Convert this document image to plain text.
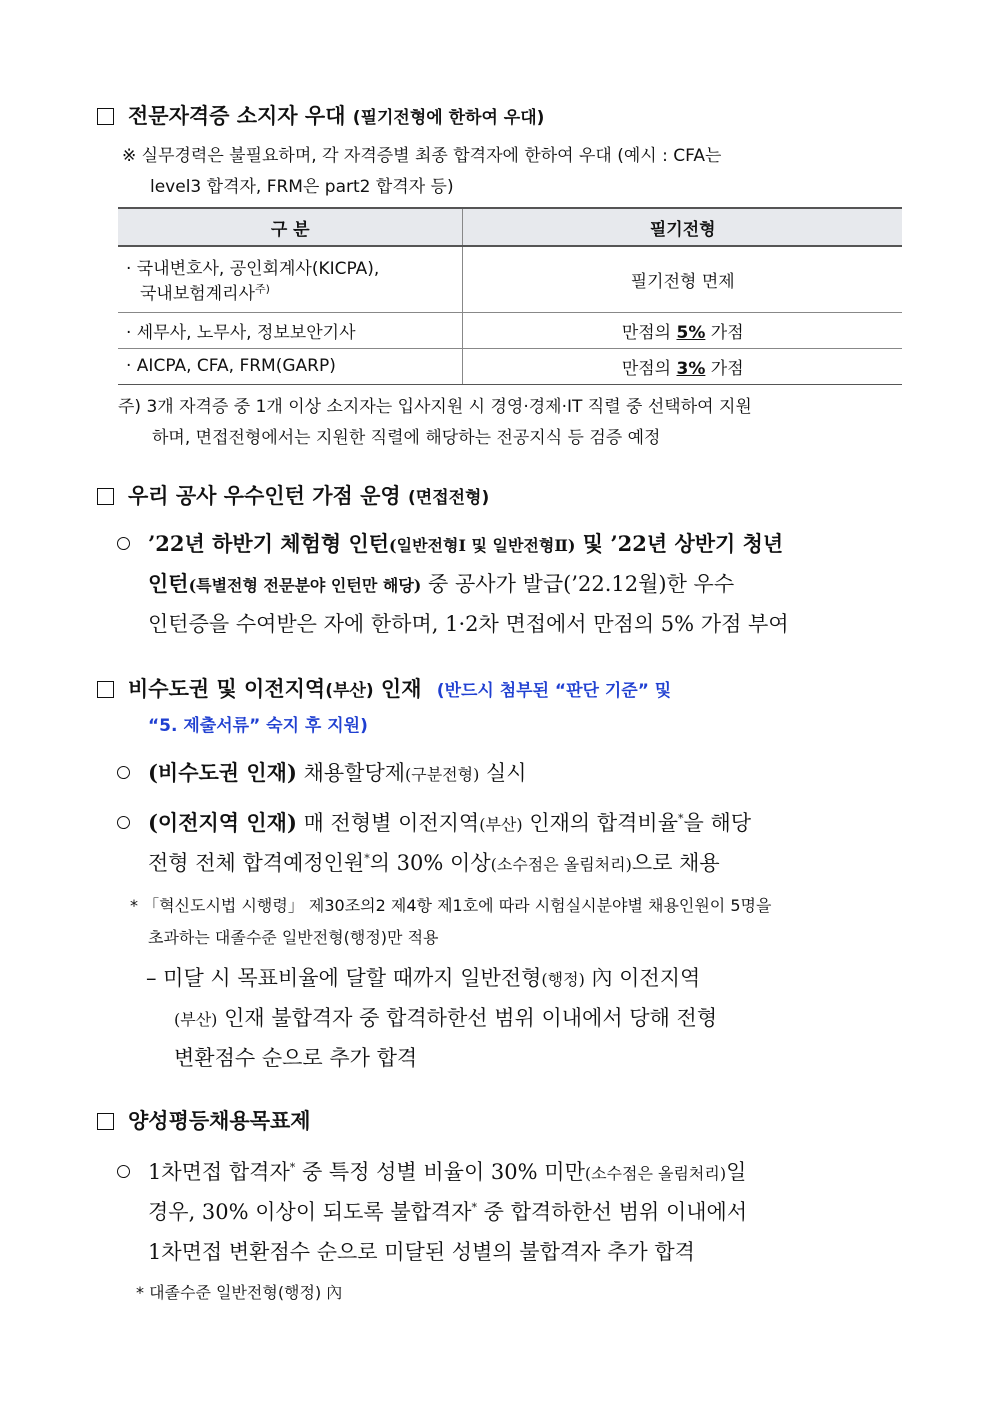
전문자격증 소지자 우대 (필기전형에 한하여 우대)
※ 실무경력은 불필요하며, 각 자격증별 최종 합격자에 한하여 우대 (예시 : CFA는
level3 합격자, FRM은 part2 합격자 등)
구 분	필기전형

· 국내변호사, 공인회계사(KICPA),
국내보험계리사$^{주)}$	필기전형 면제
· 세무사, 노무사, 정보보안기사	만점의 5% 가점
· AICPA, CFA, FRM(GARP)	만점의 3% 가점
주) 3개 자격증 중 1개 이상 소지자는 입사지원 시 경영·경제·IT 직렬 중 선택하여 지원
하며, 면접전형에서는 지원한 직렬에 해당하는 전공지식 등 검증 예정
우리 공사 우수인턴 가점 운영 (면접전형)
’22년 하반기 체험형 인턴(일반전형Ⅰ 및 일반전형Ⅱ) 및 ’22년 상반기 청년
인턴(특별전형 전문분야 인턴만 해당) 중 공사가 발급(’22.12월)한 우수
인턴증을 수여받은 자에 한하며, 1·2차 면접에서 만점의 5% 가점 부여
비수도권 및 이전지역(부산) 인재 (반드시 첨부된 “판단 기준” 및
“5. 제출서류” 숙지 후 지원)
(비수도권 인재) 채용할당제(구분전형) 실시
(이전지역 인재) 매 전형별 이전지역(부산) 인재의 합격비율*을 해당
전형 전체 합격예정인원*의 30% 이상(소수점은 올림처리)으로 채용
* 「혁신도시법 시행령」 제30조의2 제4항 제1호에 따라 시험실시분야별 채용인원이 5명을
초과하는 대졸수준 일반전형(행정)만 적용
– 미달 시 목표비율에 달할 때까지 일반전형(행정) 內 이전지역
(부산) 인재 불합격자 중 합격하한선 범위 이내에서 당해 전형
변환점수 순으로 추가 합격
양성평등채용목표제
1차면접 합격자* 중 특정 성별 비율이 30% 미만(소수점은 올림처리)일
경우, 30% 이상이 되도록 불합격자* 중 합격하한선 범위 이내에서
1차면접 변환점수 순으로 미달된 성별의 불합격자 추가 합격
* 대졸수준 일반전형(행정) 內
